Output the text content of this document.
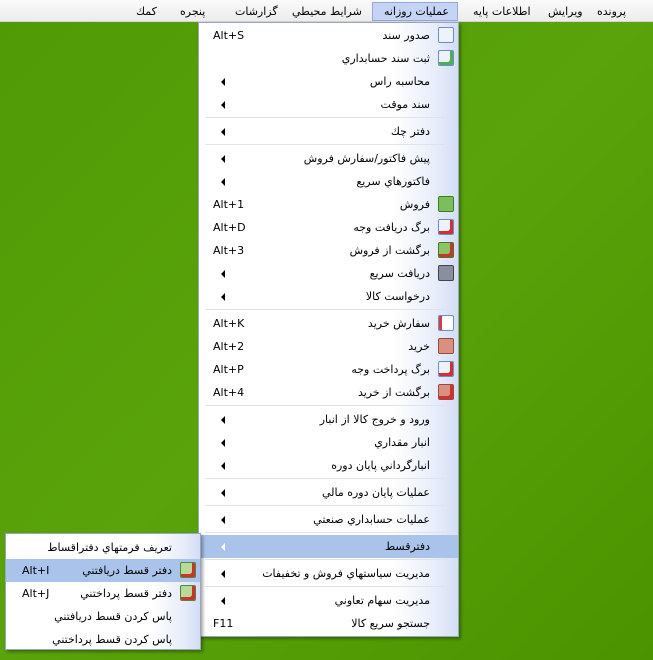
پرونده
ويرايش
اطلاعات پايه
عمليات روزانه
شرايط محيطي
گزارشات
پنجره
كمك
صدور سند
Alt+S
ثبت سند حسابداري
محاسبه راس
سند موقت
دفتر چك
پيش فاكتور/سفارش فروش
فاكتورهاي سريع
فروش
Alt+1
برگ دريافت وجه
Alt+D
برگشت از فروش
Alt+3
دريافت سريع
درخواست كالا
سفارش خريد
Alt+K
خريد
Alt+2
برگ پرداخت وجه
Alt+P
برگشت از خريد
Alt+4
ورود و خروج كالا از انبار
انبار مقداري
انبارگرداني پايان دوره
عمليات پايان دوره مالي
عمليات حسابداري صنعتي
دفترقسط
مديريت سياستهاي فروش و تخفيفات
مديريت سهام تعاوني
جستجو سريع كالا
F11
تعريف فرمتهاي دفتراقساط
دفتر قسط دريافتني
Alt+I
دفتر قسط پرداختني
Alt+J
پاس كردن قسط دريافتني
پاس كردن قسط پرداختني
